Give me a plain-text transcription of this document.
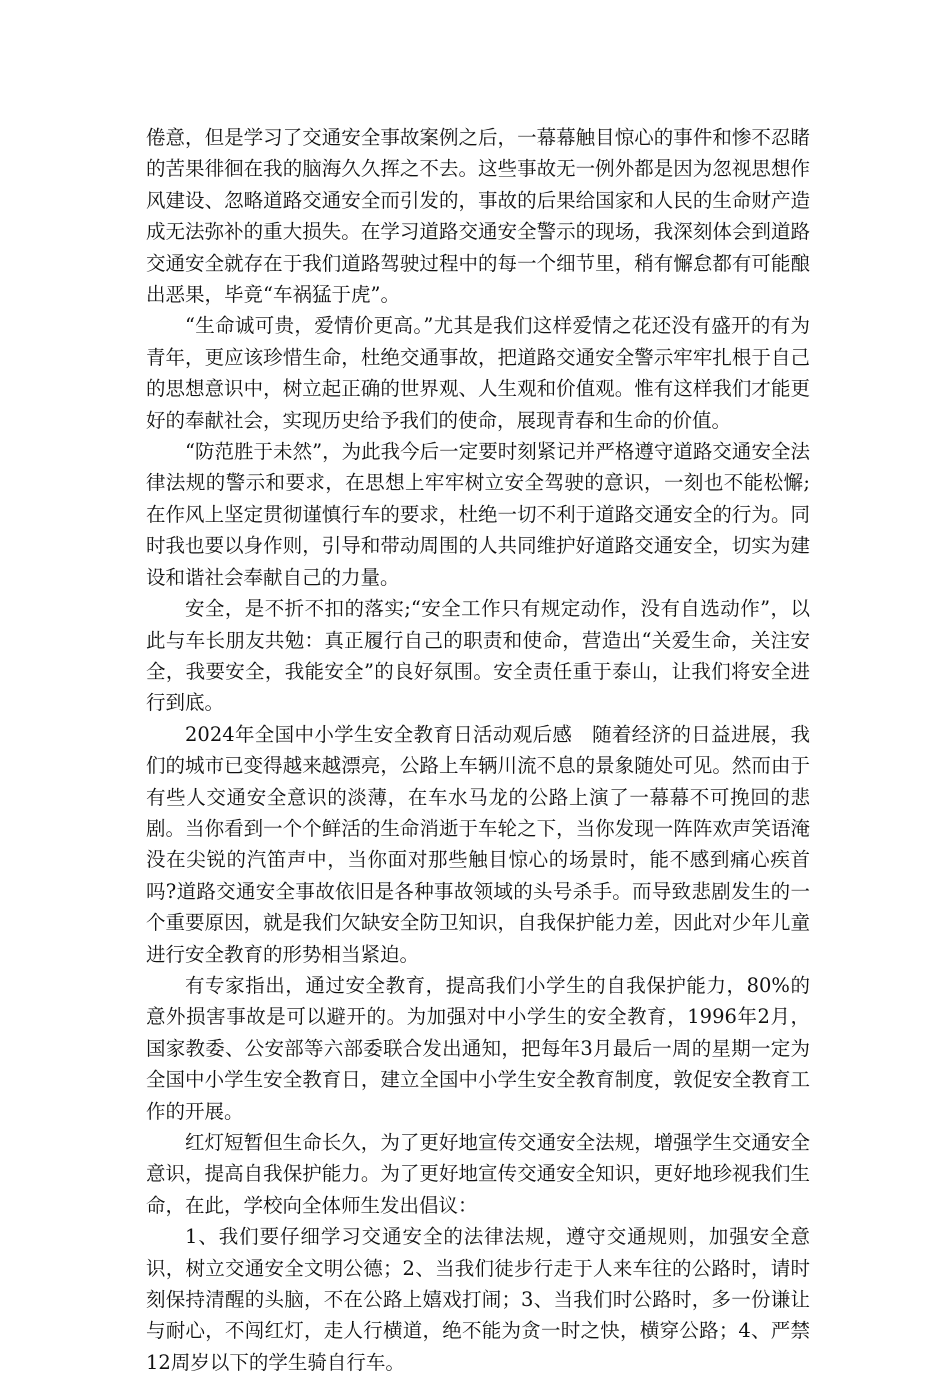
倦意，但是学习了交通安全事故案例之后，一幕幕触目惊心的事件和惨不忍睹的苦果徘徊在我的脑海久久挥之不去。这些事故无一例外都是因为忽视思想作风建设、忽略道路交通安全而引发的，事故的后果给国家和人民的生命财产造成无法弥补的重大损失。在学习道路交通安全警示的现场，我深刻体会到道路交通安全就存在于我们道路驾驶过程中的每一个细节里，稍有懈怠都有可能酿出恶果，毕竟“车祸猛于虎”。

“生命诚可贵，爱情价更高。”尤其是我们这样爱情之花还没有盛开的有为青年，更应该珍惜生命，杜绝交通事故，把道路交通安全警示牢牢扎根于自己的思想意识中，树立起正确的世界观、人生观和价值观。惟有这样我们才能更好的奉献社会，实现历史给予我们的使命，展现青春和生命的价值。

“防范胜于未然”，为此我今后一定要时刻紧记并严格遵守道路交通安全法律法规的警示和要求，在思想上牢牢树立安全驾驶的意识，一刻也不能松懈;在作风上坚定贯彻谨慎行车的要求，杜绝一切不利于道路交通安全的行为。同时我也要以身作则，引导和带动周围的人共同维护好道路交通安全，切实为建设和谐社会奉献自己的力量。

安全，是不折不扣的落实;“安全工作只有规定动作，没有自选动作”，以此与车长朋友共勉：真正履行自己的职责和使命，营造出“关爱生命，关注安全，我要安全，我能安全”的良好氛围。安全责任重于泰山，让我们将安全进行到底。

2024年全国中小学生安全教育日活动观后感　随着经济的日益进展，我们的城市已变得越来越漂亮，公路上车辆川流不息的景象随处可见。然而由于有些人交通安全意识的淡薄，在车水马龙的公路上演了一幕幕不可挽回的悲剧。当你看到一个个鲜活的生命消逝于车轮之下，当你发现一阵阵欢声笑语淹没在尖锐的汽笛声中，当你面对那些触目惊心的场景时，能不感到痛心疾首吗?道路交通安全事故依旧是各种事故领域的头号杀手。而导致悲剧发生的一个重要原因，就是我们欠缺安全防卫知识，自我保护能力差，因此对少年儿童进行安全教育的形势相当紧迫。

有专家指出，通过安全教育，提高我们小学生的自我保护能力，80%的意外损害事故是可以避开的。为加强对中小学生的安全教育，1996年2月，国家教委、公安部等六部委联合发出通知，把每年3月最后一周的星期一定为全国中小学生安全教育日，建立全国中小学生安全教育制度，敦促安全教育工作的开展。

红灯短暂但生命长久，为了更好地宣传交通安全法规，增强学生交通安全意识，提高自我保护能力。为了更好地宣传交通安全知识，更好地珍视我们生命，在此，学校向全体师生发出倡议：

1、我们要仔细学习交通安全的法律法规，遵守交通规则，加强安全意识，树立交通安全文明公德；2、当我们徒步行走于人来车往的公路时，请时刻保持清醒的头脑，不在公路上嬉戏打闹；3、当我们时公路时，多一份谦让与耐心，不闯红灯，走人行横道，绝不能为贪一时之快，横穿公路；4、严禁12周岁以下的学生骑自行车。
